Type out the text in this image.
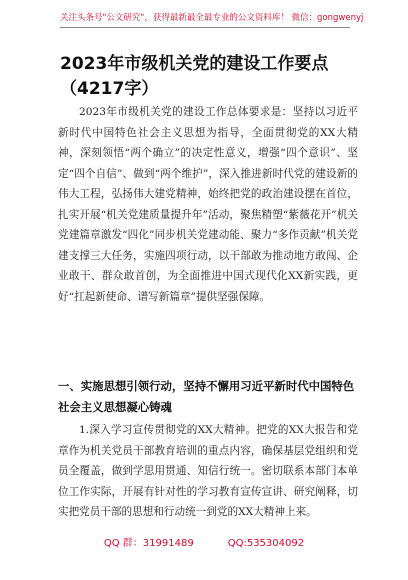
关注头条号"公文研究"，获得最新最全最专业的公文资料库！ 微信：gongwenyj
2023年市级机关党的建设工作要点（4217字）

2023年市级机关党的建设工作总体要求是：坚持以习近平新时代中国特色社会主义思想为指导，全面贯彻党的XX大精神，深刻领悟“两个确立”的决定性意义，增强“四个意识”、坚定“四个自信”、做到“两个维护”，深入推进新时代党的建设新的伟大工程，弘扬伟大建党精神，始终把党的政治建设摆在首位，扎实开展“机关党建质量提升年”活动，聚焦精塑“紫薇花开”机关党建篇章激发“四化”同步机关党建动能、聚力“多作贡献”机关党建支撑三大任务，实施四项行动，以干部敢为推动地方敢闯、企业敢干、群众敢首创，为全面推进中国式现代化XX新实践，更好“扛起新使命、谱写新篇章”提供坚强保障。

一、实施思想引领行动，坚持不懈用习近平新时代中国特色社会主义思想凝心铸魂

1.深入学习宣传贯彻党的XX大精神。把党的XX大报告和党章作为机关党员干部教育培训的重点内容，确保基层党组织和党员全覆盖，做到学思用贯通、知信行统一。密切联系本部门本单位工作实际，开展有针对性的学习教育宣传宣讲、研究阐释，切实把党员干部的思想和行动统一到党的XX大精神上来。

QQ 群：31991489	QQ:535304092
